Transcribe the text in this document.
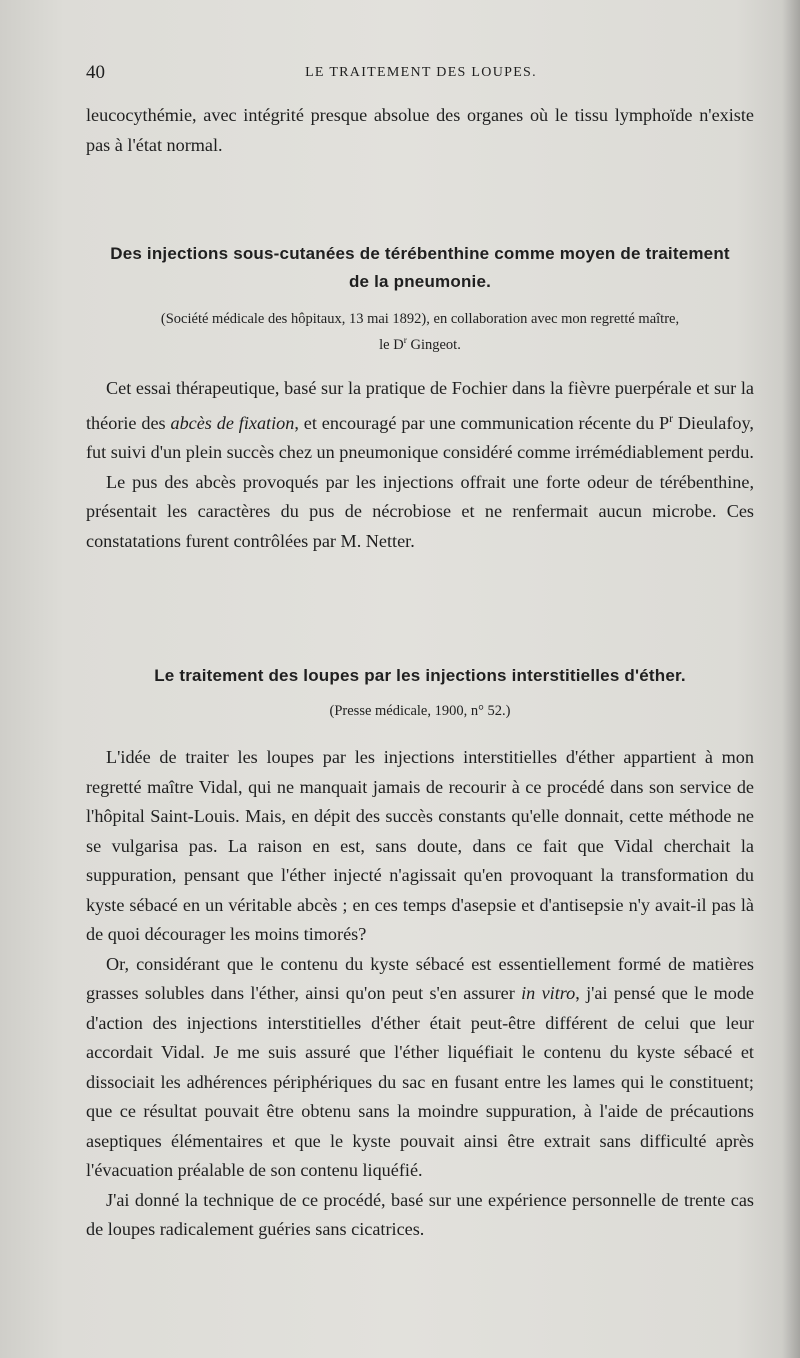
40	LE TRAITEMENT DES LOUPES.

leucocythémie, avec intégrité presque absolue des organes où le tissu lymphoïde n'existe pas à l'état normal.

Des injections sous-cutanées de térébenthine comme moyen de traitement
de la pneumonie.
(Société médicale des hôpitaux, 13 mai 1892), en collaboration avec mon regretté maître,
le $D^r$ Gingeot.

Cet essai thérapeutique, basé sur la pratique de Fochier dans la fièvre puerpérale et sur la théorie des abcès de fixation, et encouragé par une communication récente du $P^r$ Dieulafoy, fut suivi d'un plein succès chez un pneumonique considéré comme irrémédiablement perdu.

Le pus des abcès provoqués par les injections offrait une forte odeur de térébenthine, présentait les caractères du pus de nécrobiose et ne renfermait aucun microbe. Ces constatations furent contrôlées par M. Netter.

Le traitement des loupes par les injections interstitielles d'éther.
(Presse médicale, 1900, n° 52.)

L'idée de traiter les loupes par les injections interstitielles d'éther appartient à mon regretté maître Vidal, qui ne manquait jamais de recourir à ce procédé dans son service de l'hôpital Saint-Louis. Mais, en dépit des succès constants qu'elle donnait, cette méthode ne se vulgarisa pas. La raison en est, sans doute, dans ce fait que Vidal cherchait la suppuration, pensant que l'éther injecté n'agissait qu'en provoquant la transformation du kyste sébacé en un véritable abcès ; en ces temps d'asepsie et d'antisepsie n'y avait-il pas là de quoi décourager les moins timorés?

Or, considérant que le contenu du kyste sébacé est essentiellement formé de matières grasses solubles dans l'éther, ainsi qu'on peut s'en assurer in vitro, j'ai pensé que le mode d'action des injections interstitielles d'éther était peut-être différent de celui que leur accordait Vidal. Je me suis assuré que l'éther liquéfiait le contenu du kyste sébacé et dissociait les adhérences périphériques du sac en fusant entre les lames qui le constituent; que ce résultat pouvait être obtenu sans la moindre suppuration, à l'aide de précautions aseptiques élémentaires et que le kyste pouvait ainsi être extrait sans difficulté après l'évacuation préalable de son contenu liquéfié.

J'ai donné la technique de ce procédé, basé sur une expérience personnelle de trente cas de loupes radicalement guéries sans cicatrices.
